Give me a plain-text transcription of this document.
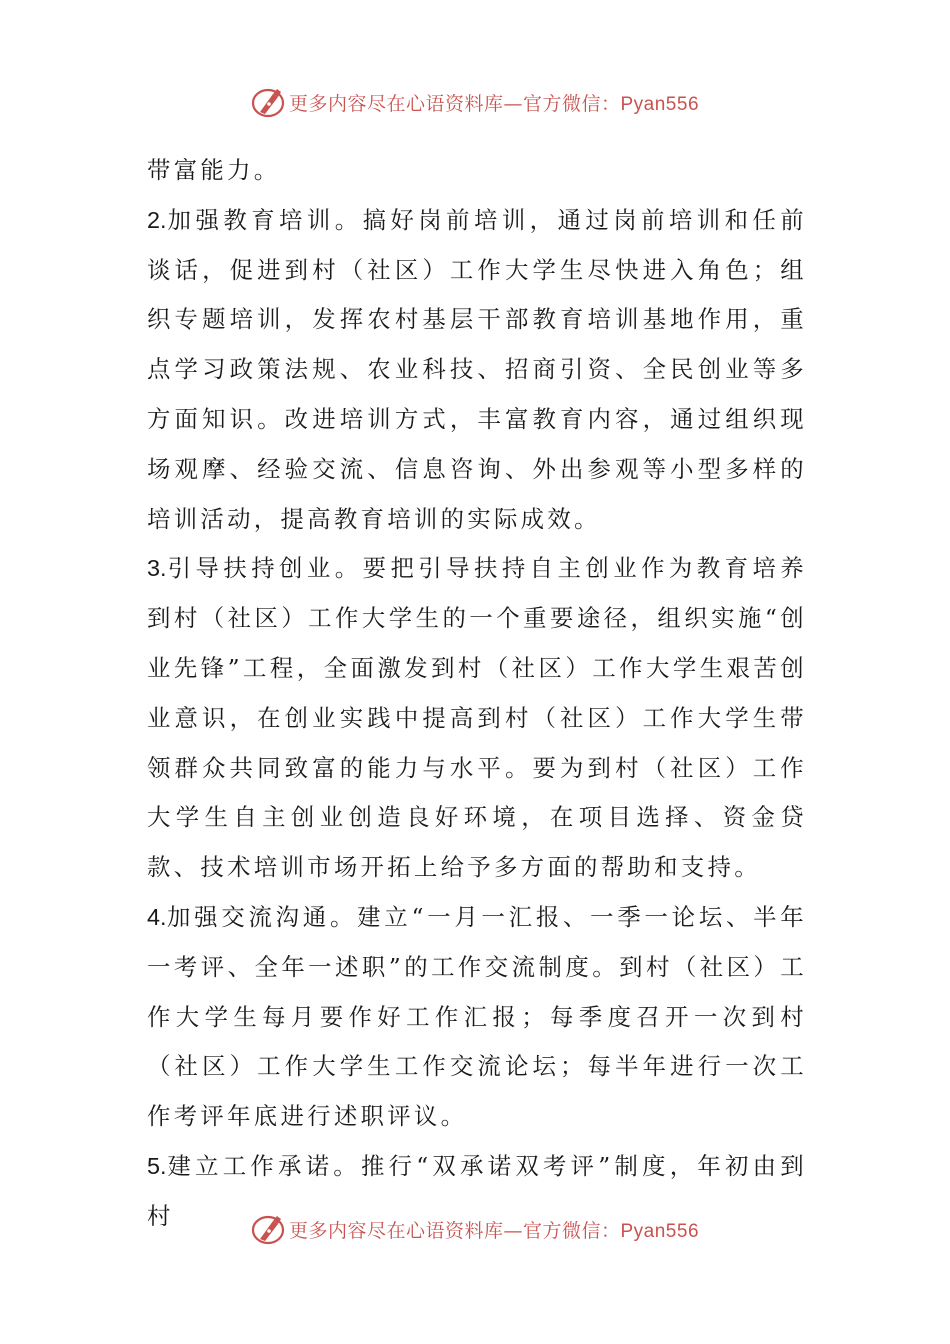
更多内容尽在心语资料库—官方微信：Pyan556

带富能力。

2.加强教育培训。搞好岗前培训，通过岗前培训和任前谈话，促进到村（社区）工作大学生尽快进入角色；组织专题培训，发挥农村基层干部教育培训基地作用，重点学习政策法规、农业科技、招商引资、全民创业等多方面知识。改进培训方式，丰富教育内容，通过组织现场观摩、经验交流、信息咨询、外出参观等小型多样的培训活动，提高教育培训的实际成效。

3.引导扶持创业。要把引导扶持自主创业作为教育培养到村（社区）工作大学生的一个重要途径，组织实施“创业先锋”工程，全面激发到村（社区）工作大学生艰苦创业意识，在创业实践中提高到村（社区）工作大学生带领群众共同致富的能力与水平。要为到村（社区）工作大学生自主创业创造良好环境，在项目选择、资金贷款、技术培训市场开拓上给予多方面的帮助和支持。

4.加强交流沟通。建立“一月一汇报、一季一论坛、半年一考评、全年一述职”的工作交流制度。到村（社区）工作大学生每月要作好工作汇报；每季度召开一次到村（社区）工作大学生工作交流论坛；每半年进行一次工作考评年底进行述职评议。

5.建立工作承诺。推行“双承诺双考评”制度，年初由到村

更多内容尽在心语资料库—官方微信：Pyan556
